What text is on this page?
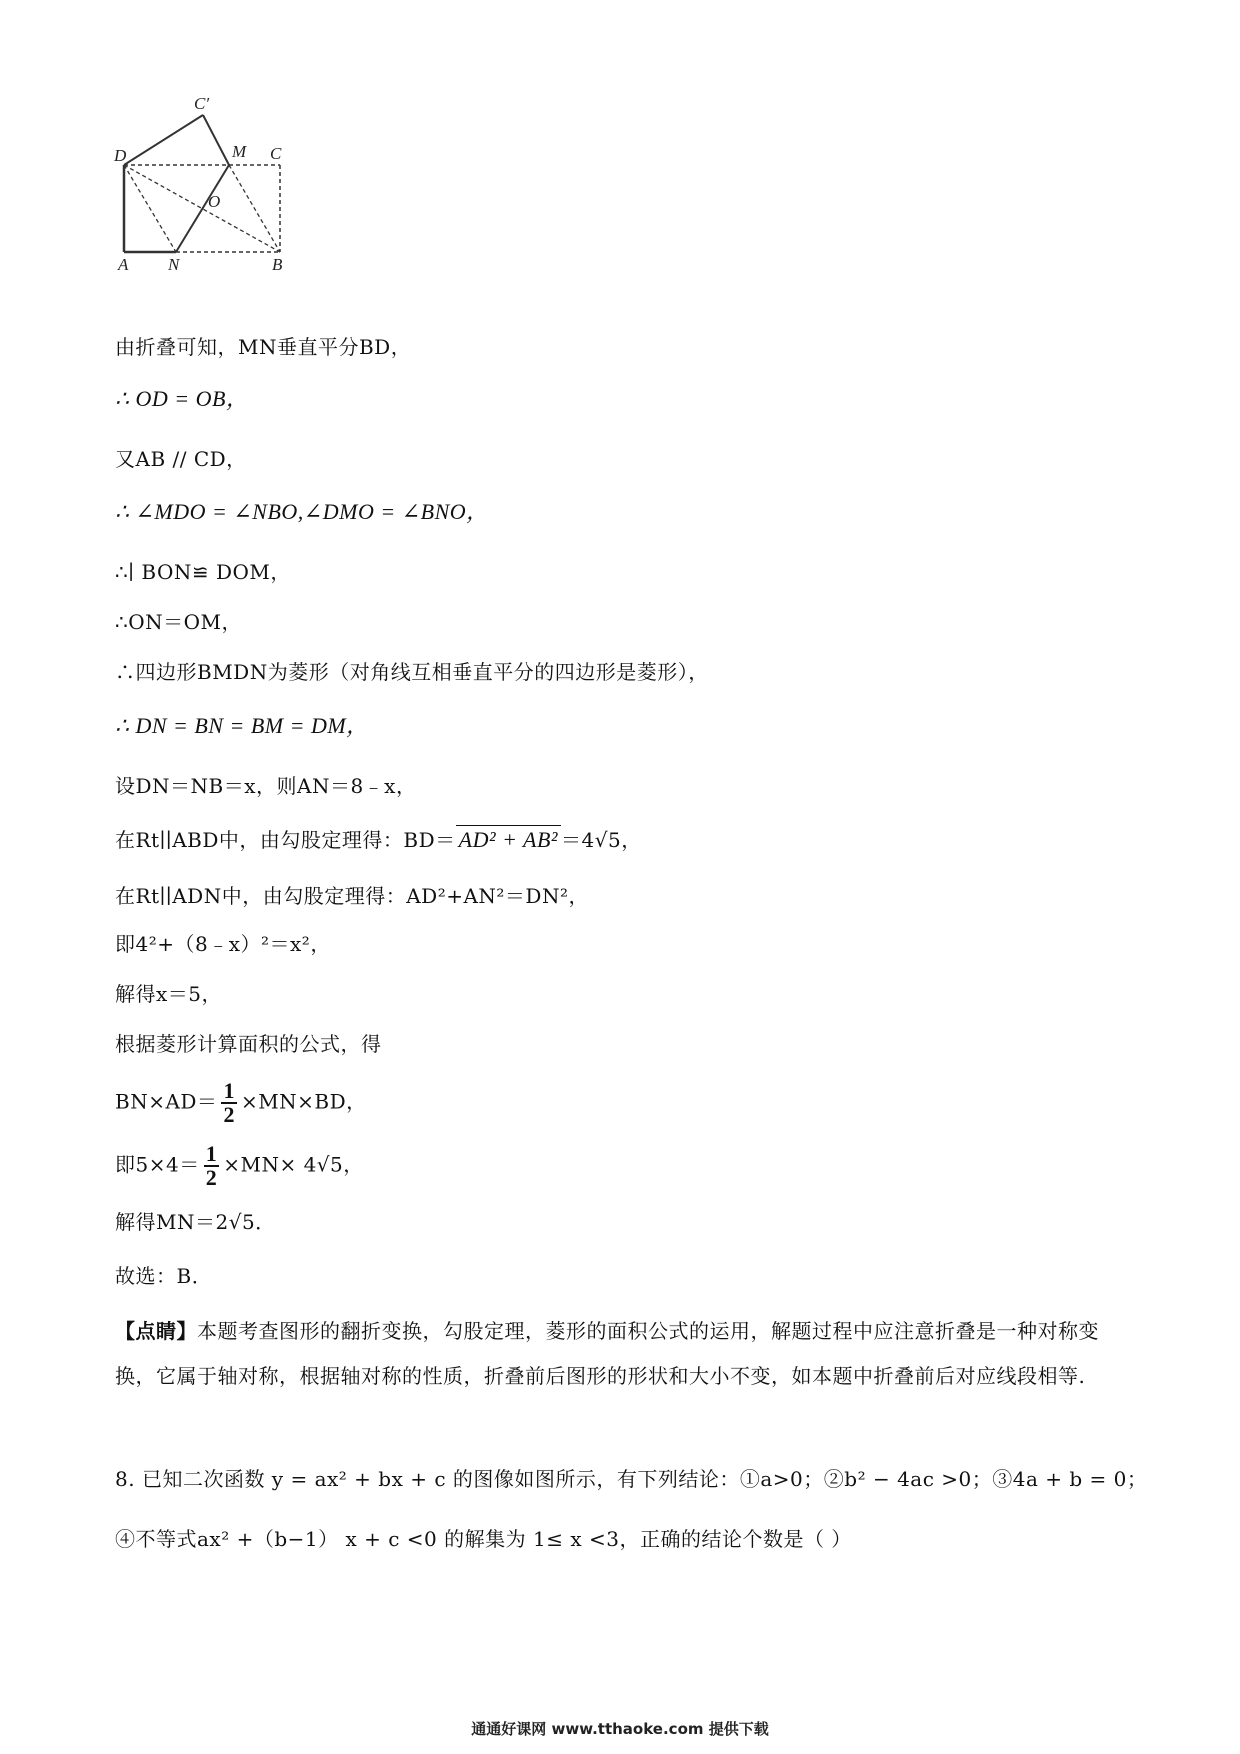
C′
D	M C
O
A N	B
由折叠可知，MN垂直平分BD，
∴ OD = OB，
又AB // CD，
∴ ∠MDO = ∠NBO,∠DMO = ∠BNO，
∴∣ BON≌ DOM，
∴ON＝OM，
∴四边形BMDN为菱形（对角线互相垂直平分的四边形是菱形），
∴ DN = BN = BM = DM，
设DN＝NB＝x，则AN＝8﹣x，
在Rt∣∣ABD中，由勾股定理得：BD＝ AD² + AB² ＝4√5，
在Rt∣∣ADN中，由勾股定理得：AD²+AN²＝DN²，
即4²+（8﹣x）²＝x²，
解得x＝5，
根据菱形计算面积的公式，得
$BN\times AD= \frac{1}{2} \times MN\times BD$，
即$5\times 4= \frac{1}{2} \times MN\times 4√5$，
解得MN＝2√5．
故选：B．
【点睛】本题考查图形的翻折变换，勾股定理，菱形的面积公式的运用，解题过程中应注意折叠是一种对称变换，它属于轴对称，根据轴对称的性质，折叠前后图形的形状和大小不变，如本题中折叠前后对应线段相等.
8. 已知二次函数 y = ax² + bx + c 的图像如图所示，有下列结论：①a>0；②b² − 4ac >0；③4a + b = 0；
④不等式ax² +（b−1） x + c <0 的解集为 1≤ x <3，正确的结论个数是（ ）
通通好课网 www.tthaoke.com 提供下载
